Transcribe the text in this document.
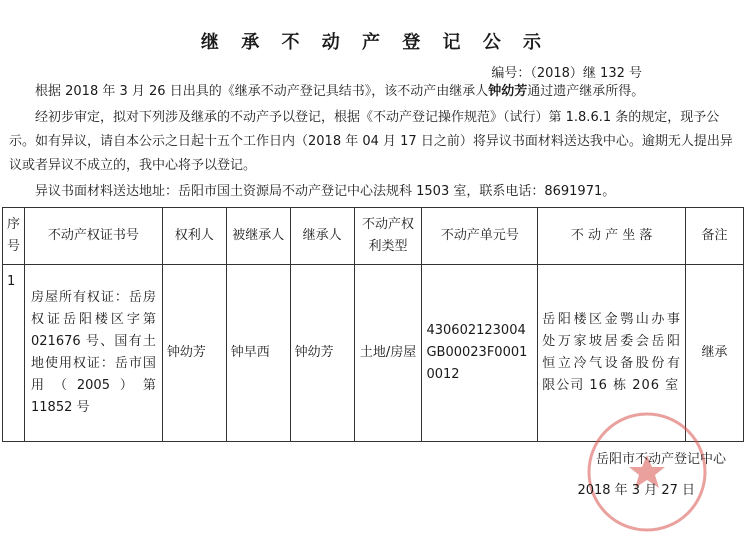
继 承 不 动 产 登 记 公 示
编号：（2018）继 132 号
根据 2018 年 3 月 26 日出具的《继承不动产登记具结书》，该不动产由继承人钟幼芳通过遗产继承所得。
经初步审定，拟对下列涉及继承的不动产予以登记，根据《不动产登记操作规范》（试行）第 1.8.6.1 条的规定，现予公示。如有异议，请自本公示之日起十五个工作日内（2018 年 04 月 17 日之前）将异议书面材料送达我中心。逾期无人提出异议或者异议不成立的，我中心将予以登记。
异议书面材料送达地址：岳阳市国土资源局不动产登记中心法规科 1503 室，联系电话：8691971。
序号	不动产权证书号	权利人	被继承人	继承人	不动产权利类型	不动产单元号	不 动 产 坐 落	备注
1	房屋所有权证：岳房权证岳阳楼区字第 021676 号、国有土地使用权证：岳市国用（2005）第 11852 号	钟幼芳	钟早西	钟幼芳	土地/房屋	430602123004GB00023F00010012	岳阳楼区金鹗山办事处万家坡居委会岳阳恒立冷气设备股份有限公司 16 栋 206 室	继承
岳阳市不动产登记中心
2018 年 3 月 27 日
